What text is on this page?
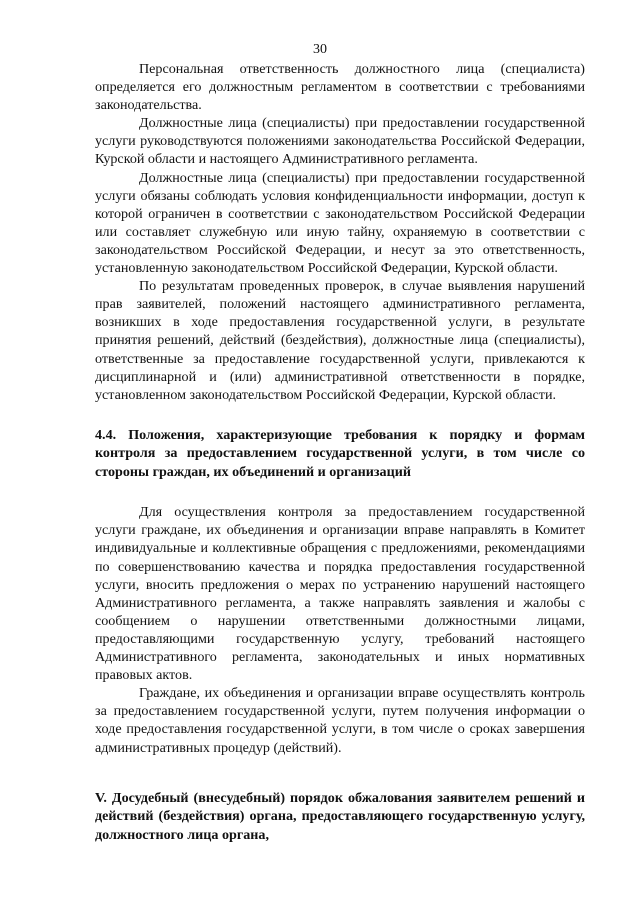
30

Персональная ответственность должностного лица (специалиста) определяется его должностным регламентом в соответствии с требованиями законодательства.

Должностные лица (специалисты) при предоставлении государственной услуги руководствуются положениями законодательства Российской Федерации, Курской области и настоящего Административного регламента.

Должностные лица (специалисты) при предоставлении государственной услуги обязаны соблюдать условия конфиденциальности информации, доступ к которой ограничен в соответствии с законодательством Российской Федерации или составляет служебную или иную тайну, охраняемую в соответствии с законодательством Российской Федерации, и несут за это ответственность, установленную законодательством Российской Федерации, Курской области.

По результатам проведенных проверок, в случае выявления нарушений прав заявителей, положений настоящего административного регламента, возникших в ходе предоставления государственной услуги, в результате принятия решений, действий (бездействия), должностные лица (специалисты), ответственные за предоставление государственной услуги, привлекаются к дисциплинарной и (или) административной ответственности в порядке, установленном законодательством Российской Федерации, Курской области.

4.4. Положения, характеризующие требования к порядку и формам контроля за предоставлением государственной услуги, в том числе со стороны граждан, их объединений и организаций

Для осуществления контроля за предоставлением государственной услуги граждане, их объединения и организации вправе направлять в Комитет индивидуальные и коллективные обращения с предложениями, рекомендациями по совершенствованию качества и порядка предоставления государственной услуги, вносить предложения о мерах по устранению нарушений настоящего Административного регламента, а также направлять заявления и жалобы с сообщением о нарушении ответственными должностными лицами, предоставляющими государственную услугу, требований настоящего Административного регламента, законодательных и иных нормативных правовых актов.

Граждане, их объединения и организации вправе осуществлять контроль за предоставлением государственной услуги, путем получения информации о ходе предоставления государственной услуги, в том числе о сроках завершения административных процедур (действий).

V. Досудебный (внесудебный) порядок обжалования заявителем решений и действий (бездействия) органа, предоставляющего государственную услугу, должностного лица органа,
